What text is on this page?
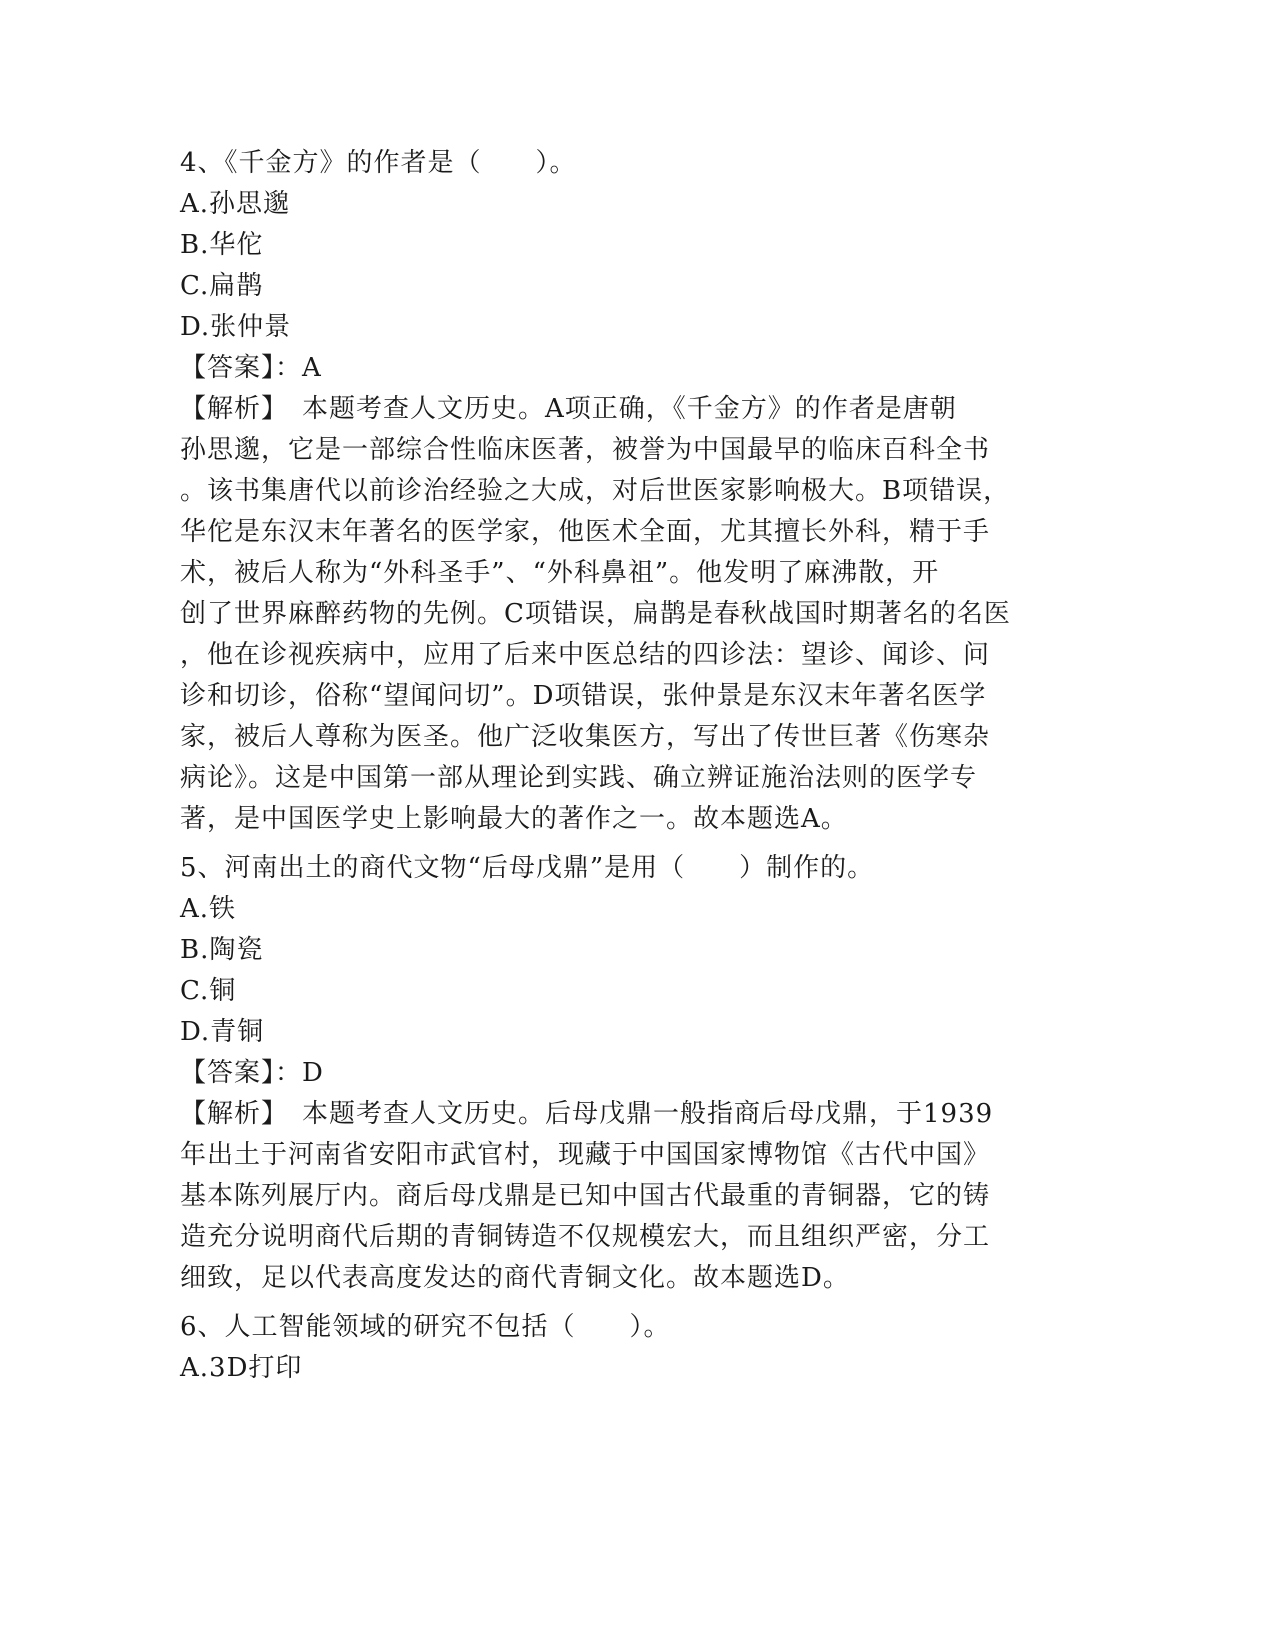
4、《千金方》的作者是（　　）。
A.孙思邈
B.华佗
C.扁鹊
D.张仲景
【答案】：A
【解析】　本题考查人文历史。A项正确，《千金方》的作者是唐朝
孙思邈，它是一部综合性临床医著，被誉为中国最早的临床百科全书
。该书集唐代以前诊治经验之大成，对后世医家影响极大。B项错误，
华佗是东汉末年著名的医学家，他医术全面，尤其擅长外科，精于手
术，被后人称为“外科圣手”、“外科鼻祖”。他发明了麻沸散，开
创了世界麻醉药物的先例。C项错误，扁鹊是春秋战国时期著名的名医
，他在诊视疾病中，应用了后来中医总结的四诊法：望诊、闻诊、问
诊和切诊，俗称“望闻问切”。D项错误，张仲景是东汉末年著名医学
家，被后人尊称为医圣。他广泛收集医方，写出了传世巨著《伤寒杂
病论》。这是中国第一部从理论到实践、确立辨证施治法则的医学专
著，是中国医学史上影响最大的著作之一。故本题选A。
5、河南出土的商代文物“后母戊鼎”是用（　　）制作的。
A.铁
B.陶瓷
C.铜
D.青铜
【答案】：D
【解析】　本题考查人文历史。后母戊鼎一般指商后母戊鼎，于1939
年出土于河南省安阳市武官村，现藏于中国国家博物馆《古代中国》
基本陈列展厅内。商后母戊鼎是已知中国古代最重的青铜器，它的铸
造充分说明商代后期的青铜铸造不仅规模宏大，而且组织严密，分工
细致，足以代表高度发达的商代青铜文化。故本题选D。
6、人工智能领域的研究不包括（　　）。
A.3D打印
